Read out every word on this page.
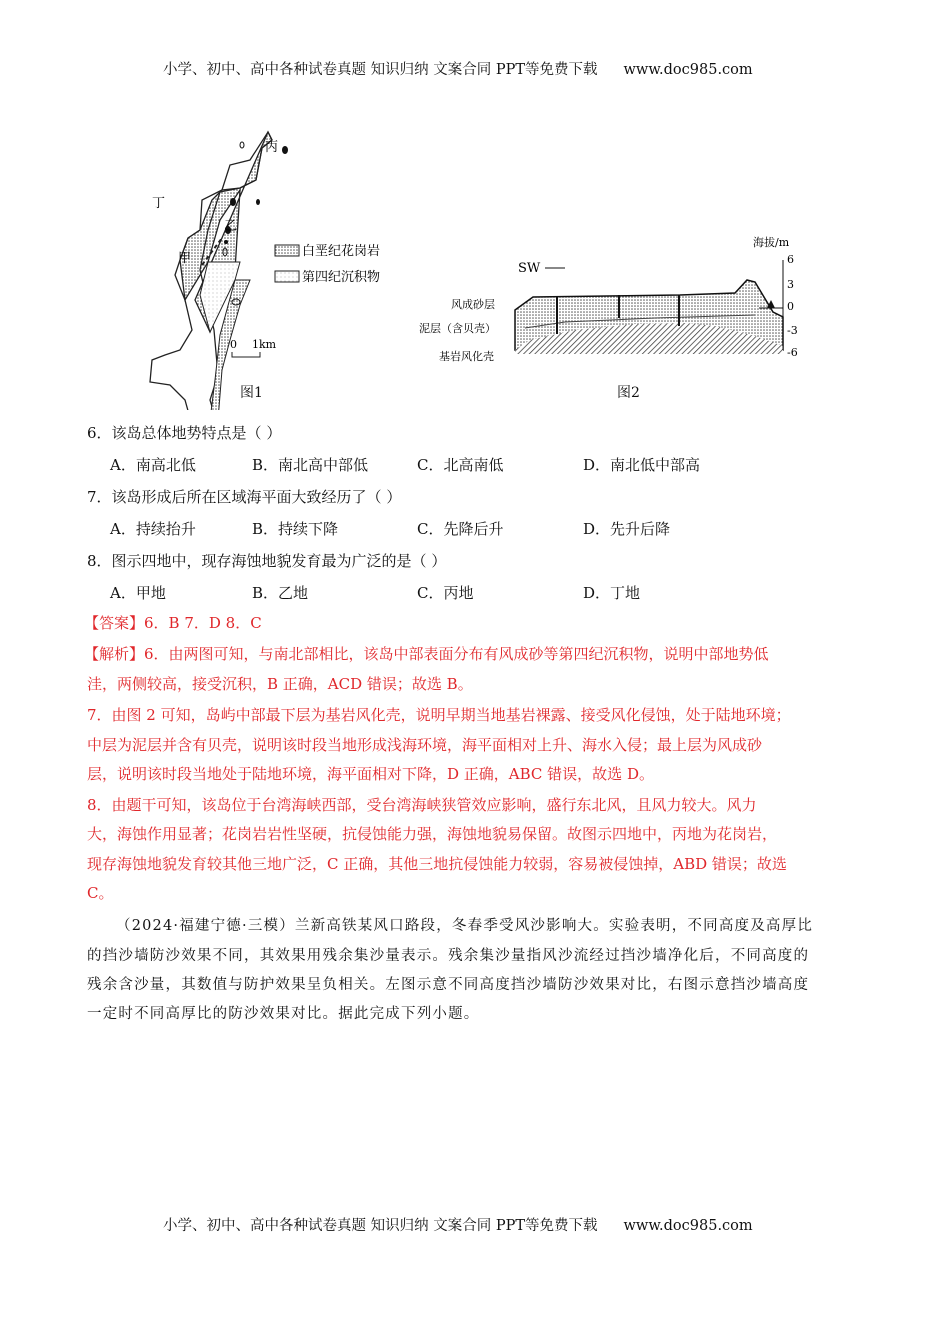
小学、初中、高中各种试卷真题 知识归纳 文案合同 PPT等免费下载 www.doc985.com
丙
丁
乙
甲	白垩纪花岗岩
第四纪沉积物
0 1km
图1
海拔/m
6
3
0
-3
-6
SW
风成砂层
泥层（含贝壳）
基岩风化壳
图2
6．该岛总体地势特点是（ ）
A．南高北低	B．南北高中部低	C．北高南低	D．南北低中部高
7．该岛形成后所在区域海平面大致经历了（ ）
A．持续抬升	B．持续下降	C．先降后升	D．先升后降
8．图示四地中，现存海蚀地貌发育最为广泛的是（ ）
A．甲地	B．乙地	C．丙地	D．丁地
【答案】6．B 7．D 8．C
【解析】6．由两图可知，与南北部相比，该岛中部表面分布有风成砂等第四纪沉积物，说明中部地势低
洼，两侧较高，接受沉积，B 正确，ACD 错误；故选 B。
7．由图 2 可知，岛屿中部最下层为基岩风化壳，说明早期当地基岩裸露、接受风化侵蚀，处于陆地环境；
中层为泥层并含有贝壳，说明该时段当地形成浅海环境，海平面相对上升、海水入侵；最上层为风成砂
层，说明该时段当地处于陆地环境，海平面相对下降，D 正确，ABC 错误，故选 D。
8．由题干可知，该岛位于台湾海峡西部，受台湾海峡狭管效应影响，盛行东北风，且风力较大。风力
大，海蚀作用显著；花岗岩岩性坚硬，抗侵蚀能力强，海蚀地貌易保留。故图示四地中，丙地为花岗岩，
现存海蚀地貌发育较其他三地广泛，C 正确，其他三地抗侵蚀能力较弱，容易被侵蚀掉，ABD 错误；故选
C。
（2024·福建宁德·三模）兰新高铁某风口路段，冬春季受风沙影响大。实验表明，不同高度及高厚比
的挡沙墙防沙效果不同，其效果用残余集沙量表示。残余集沙量指风沙流经过挡沙墙净化后，不同高度的
残余含沙量，其数值与防护效果呈负相关。左图示意不同高度挡沙墙防沙效果对比，右图示意挡沙墙高度
一定时不同高厚比的防沙效果对比。据此完成下列小题。
小学、初中、高中各种试卷真题 知识归纳 文案合同 PPT等免费下载 www.doc985.com
